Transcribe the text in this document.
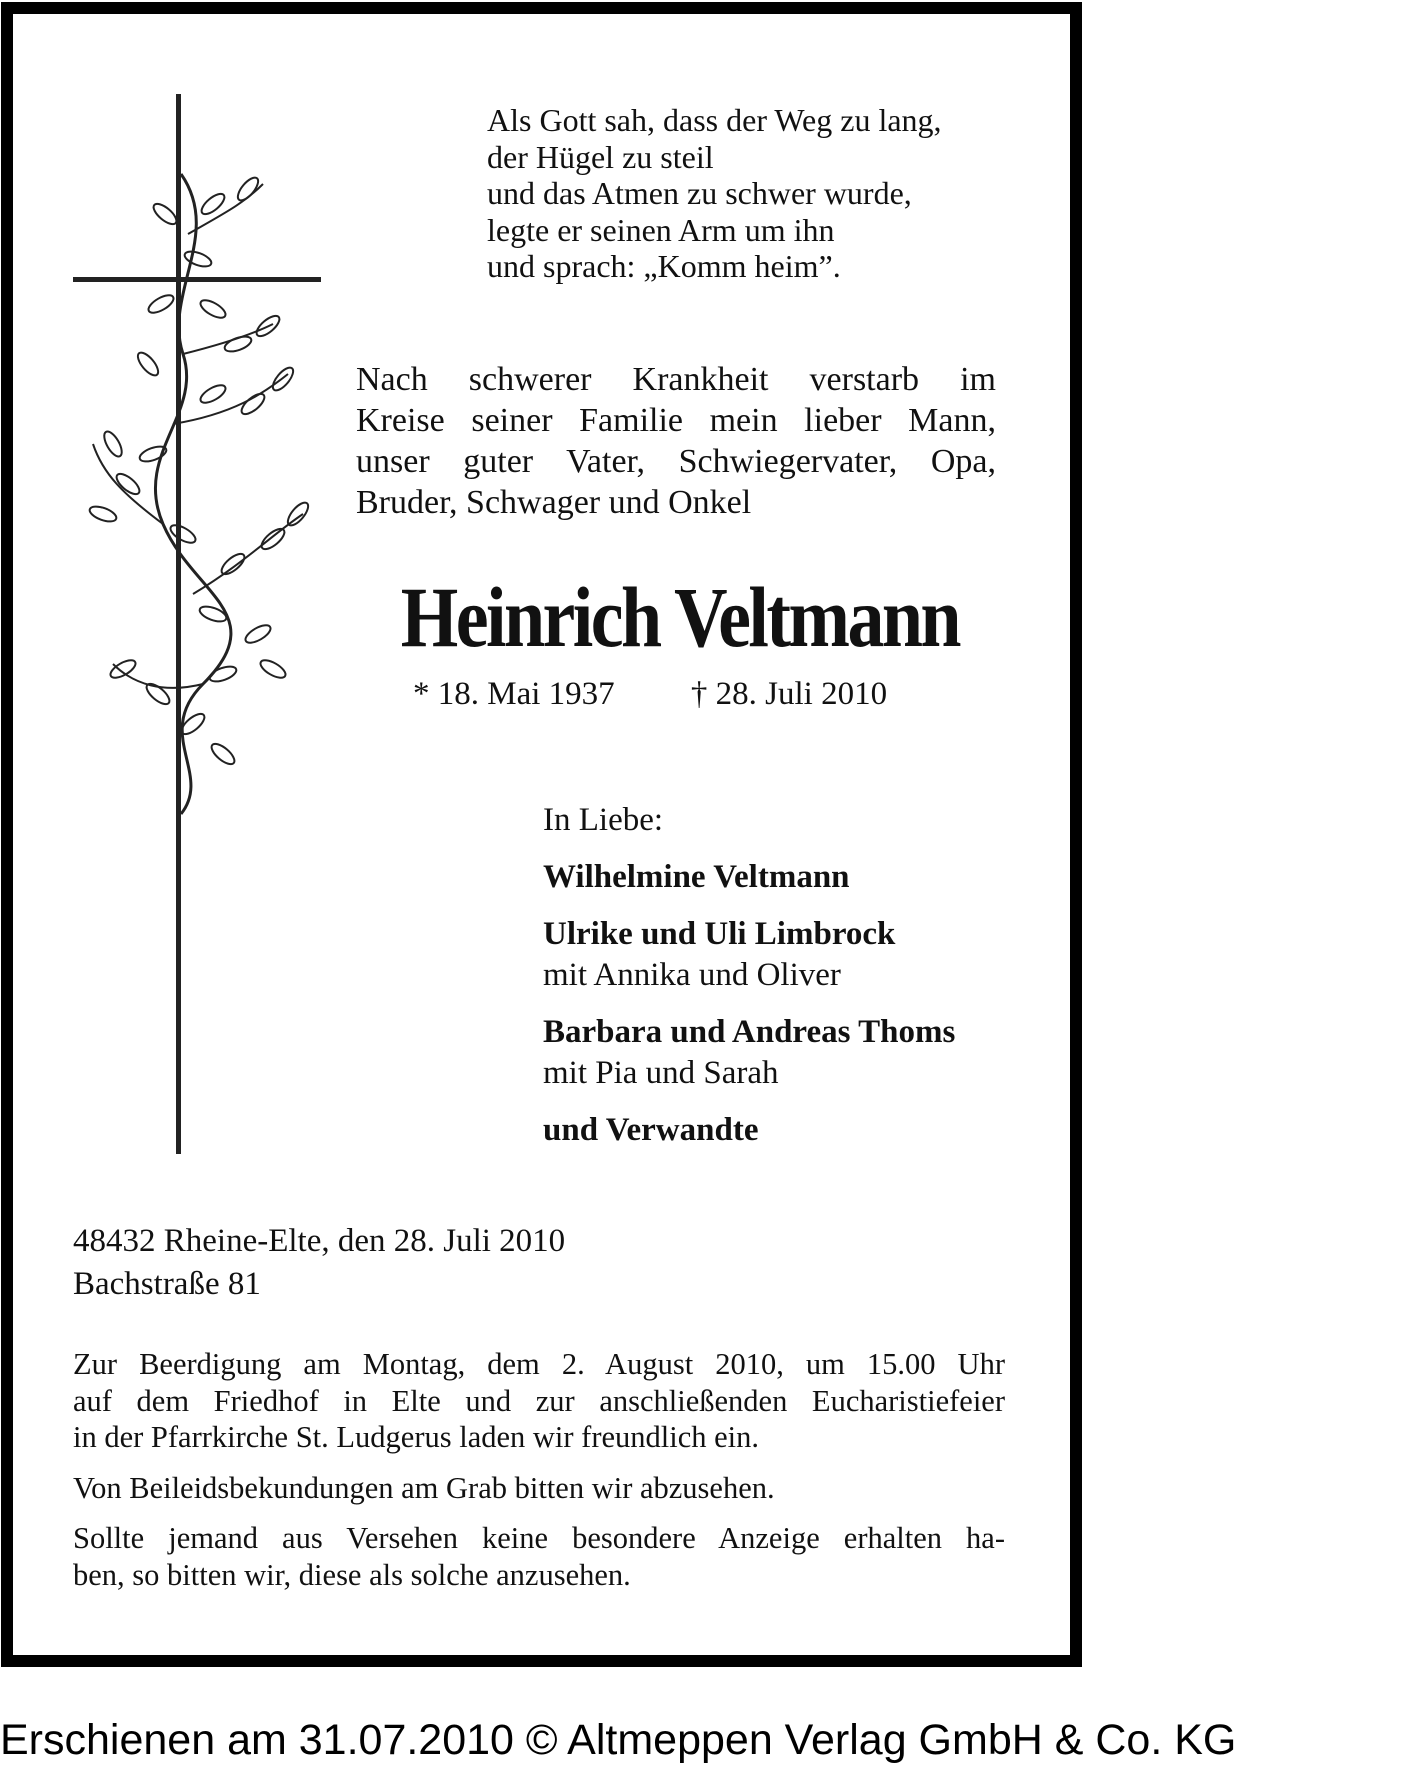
Als Gott sah, dass der Weg zu lang,
der Hügel zu steil
und das Atmen zu schwer wurde,
legte er seinen Arm um ihn
und sprach: „Komm heim”.
Nach schwerer Krankheit verstarb im
Kreise seiner Familie mein lieber Mann,
unser guter Vater, Schwiegervater, Opa,
Bruder, Schwager und Onkel
Heinrich Veltmann
* 18. Mai 1937 † 28. Juli 2010
In Liebe:
Wilhelmine Veltmann
Ulrike und Uli Limbrock
mit Annika und Oliver
Barbara und Andreas Thoms
mit Pia und Sarah
und Verwandte
48432 Rheine-Elte, den 28. Juli 2010
Bachstraße 81

Zur Beerdigung am Montag, dem 2. August 2010, um 15.00 Uhr
auf dem Friedhof in Elte und zur anschließenden Eucharistiefeier
in der Pfarrkirche St. Ludgerus laden wir freundlich ein.

Von Beileidsbekundungen am Grab bitten wir abzusehen.

Sollte jemand aus Versehen keine besondere Anzeige erhalten ha-
ben, so bitten wir, diese als solche anzusehen.

Erschienen am 31.07.2010 © Altmeppen Verlag GmbH & Co. KG
